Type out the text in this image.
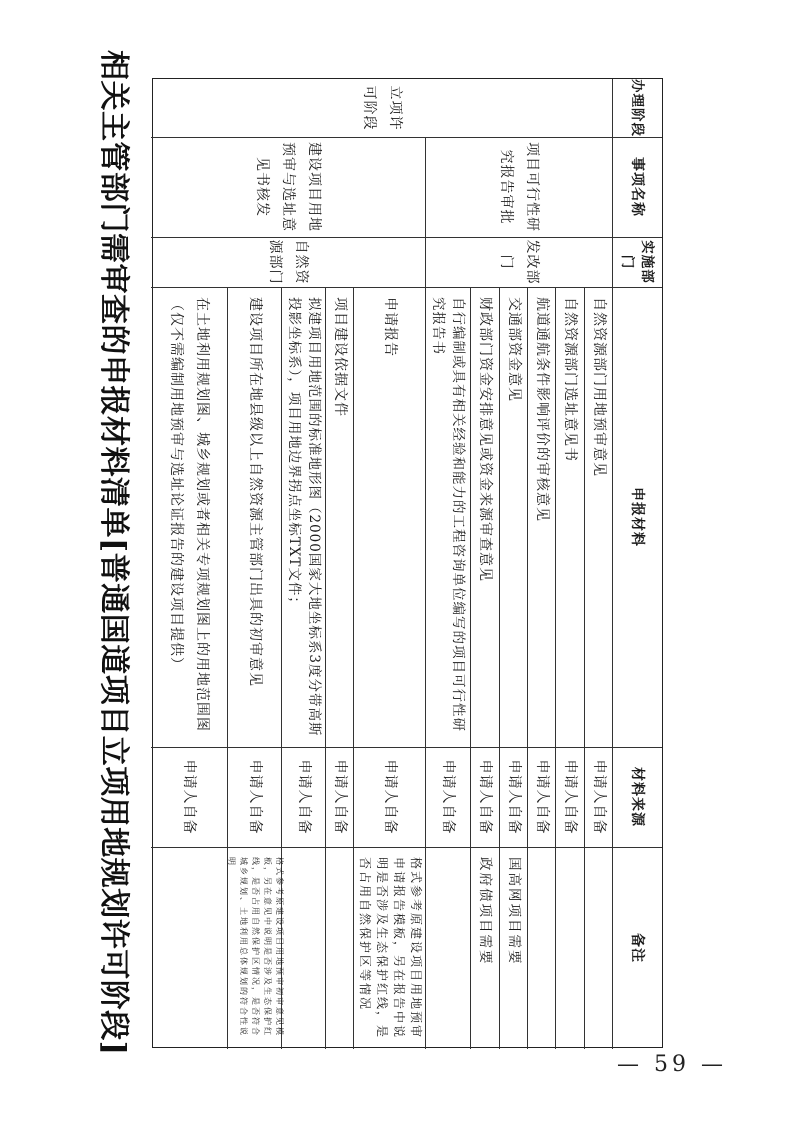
相关主管部门需审查的申报材料清单[普通国道项目立项用地规划许可阶段]	办理阶段
事项名称
实施部门
申报材料
材料来源
备注
立项许可阶段
项目可行性研究报告审批
发改部门
建设项目用地预审与选址意见书核发
自然资源部门
自然资源部门用地预审意见
申请人自备
自然资源部门选址意见书
申请人自备
航道通航条件影响评价的审核意见
申请人自备
交通部资金意见
申请人自备
国高网项目需要
财政部门资金安排意见或资金来源审查意见
申请人自备
政府债项目需要
自行编制或具有相关经验和能力的工程咨询单位编写的项目可行性研究报告书
申请人自备
申请报告
申请人自备
格式参考原建设项目用地预审申请报告模板，另在报告中说明是否涉及生态保护红线，是否占用自然保护区等情况
项目建设依据文件
申请人自备
拟建项目用地范围的标准地形图（2000国家大地坐标系3度分带高斯投影坐标系），项目用地边界拐点坐标TXT文件；
申请人自备
建设项目所在地县级以上自然资源主管部门出具的初审意见
申请人自备
格式参考原建设项目用地预审初审意见模板，另在意见中说明是否涉及生态保护红线，是否占用自然保护区情况，是否符合城乡规划、土地利用总体规划的符合性说明
在土地利用规划图、城乡规划或者相关专项规划图上的用地范围图（仅不需编制用地预审与选址论证报告的建设项目提供）
申请人自备
— 59 —
